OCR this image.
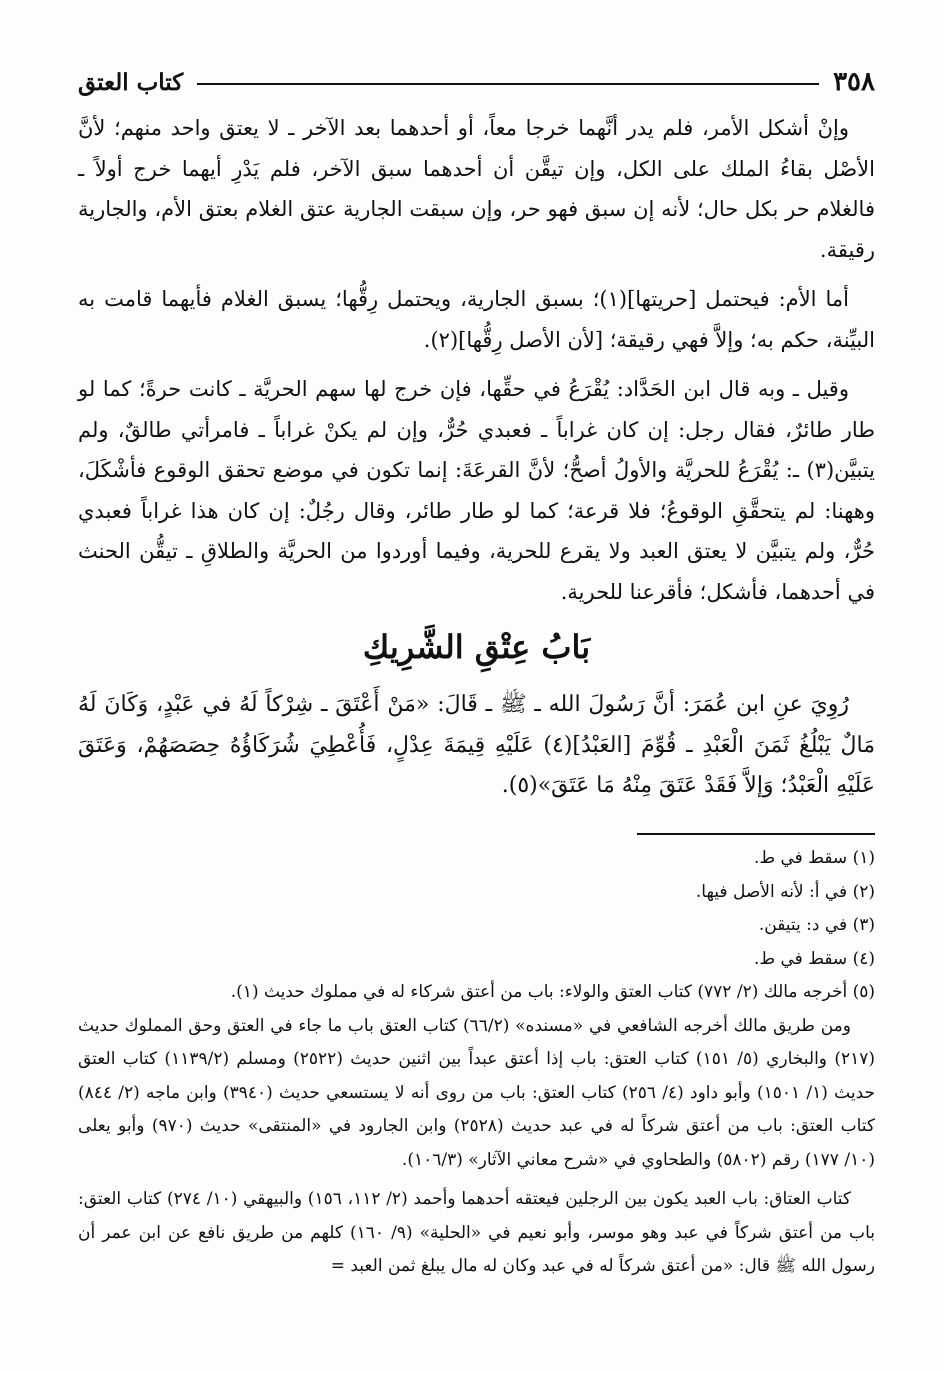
٣٥٨
كتاب العتق

وإنْ أشكل الأمر، فلم يدر أنَّهما خرجا معاً، أو أحدهما بعد الآخر ـ لا يعتق واحد منهم؛ لأنَّ الأصْل بقاءُ الملك على الكل، وإن تيقَّن أن أحدهما سبق الآخر، فلم يَدْرِ أيهما خرج أولاً ـ فالغلام حر بكل حال؛ لأنه إن سبق فهو حر، وإن سبقت الجارية عتق الغلام بعتق الأم، والجارية رقيقة.

أما الأم: فيحتمل [حريتها](١)؛ بسبق الجارية، ويحتمل رِقُّها؛ يسبق الغلام فأيهما قامت به البيِّنة، حكم به؛ وإلاَّ فهي رقيقة؛ [لأن الأصل رِقُّها](٢).

وقيل ـ وبه قال ابن الحَدَّاد: يُقْرَعُ في حقِّها، فإن خرج لها سهم الحريَّة ـ كانت حرةً؛ كما لو طار طائرٌ، فقال رجل: إن كان غراباً ـ فعبدي حُرٌّ، وإن لم يكنْ غراباً ـ فامرأتي طالقٌ، ولم يتبيَّن(٣) ـ: يُقْرَعُ للحريَّة والأولُ أصحُّ؛ لأنَّ القرعَةَ: إنما تكون في موضع تحقق الوقوع فأشْكَلَ، وههنا: لم يتحقَّقِ الوقوعُ؛ فلا قرعة؛ كما لو طار طائر، وقال رجُلٌ: إن كان هذا غراباً فعبدي حُرٌّ، ولم يتبيَّن لا يعتق العبد ولا يقرع للحرية، وفيما أوردوا من الحريَّة والطلاقِ ـ تيقُّن الحنث في أحدهما، فأشكل؛ فأقرعنا للحرية.

بَابُ عِتْقِ الشَّرِيكِ

رُوِيَ عنِ ابن عُمَرَ: أنَّ رَسُولَ الله ـ ﷺ ـ قَالَ: «مَنْ أَعْتَقَ ـ شِرْكاً لَهُ في عَبْدٍ، وَكَانَ لَهُ مَالٌ يَبْلُغُ ثَمَنَ الْعَبْدِ ـ قُوِّمَ [العَبْدُ](٤) عَلَيْهِ قِيمَةَ عِدْلٍ، فَأُعْطِيَ شُرَكَاؤُهُ حِصَصَهُمْ، وَعَتَقَ عَلَيْهِ الْعَبْدُ؛ وَإلاَّ فَقَدْ عَتَقَ مِنْهُ مَا عَتَقَ»(٥).

(١) سقط في ط.

(٢) في أ: لأنه الأصل فيها.

(٣) في د: يتيقن.

(٤) سقط في ط.

(٥) أخرجه مالك (٢/ ٧٧٢) كتاب العتق والولاء: باب من أعتق شركاء له في مملوك حديث (١).

ومن طريق مالك أخرجه الشافعي في «مسنده» (٦٦/٢) كتاب العتق باب ما جاء في العتق وحق المملوك حديث (٢١٧) والبخاري (٥/ ١٥١) كتاب العتق: باب إذا أعتق عبداً بين اثنين حديث (٢٥٢٢) ومسلم (١١٣٩/٢) كتاب العتق حديث (١/ ١٥٠١) وأبو داود (٤/ ٢٥٦) كتاب العتق: باب من روى أنه لا يستسعي حديث (٣٩٤٠) وابن ماجه (٢/ ٨٤٤) كتاب العتق: باب من أعتق شركاً له في عبد حديث (٢٥٢٨) وابن الجارود في «المنتقى» حديث (٩٧٠) وأبو يعلى (١٠/ ١٧٧) رقم (٥٨٠٢) والطحاوي في «شرح معاني الآثار» (١٠٦/٣).

كتاب العتاق: باب العبد يكون بين الرجلين فيعتقه أحدهما وأحمد (٢/ ١١٢، ١٥٦) والبيهقي (١٠/ ٢٧٤) كتاب العتق: باب من أعتق شركاً في عبد وهو موسر، وأبو نعيم في «الحلية» (٩/ ١٦٠) كلهم من طريق نافع عن ابن عمر أن رسول الله ﷺ قال: «من أعتق شركاً له في عبد وكان له مال يبلغ ثمن العبد =
